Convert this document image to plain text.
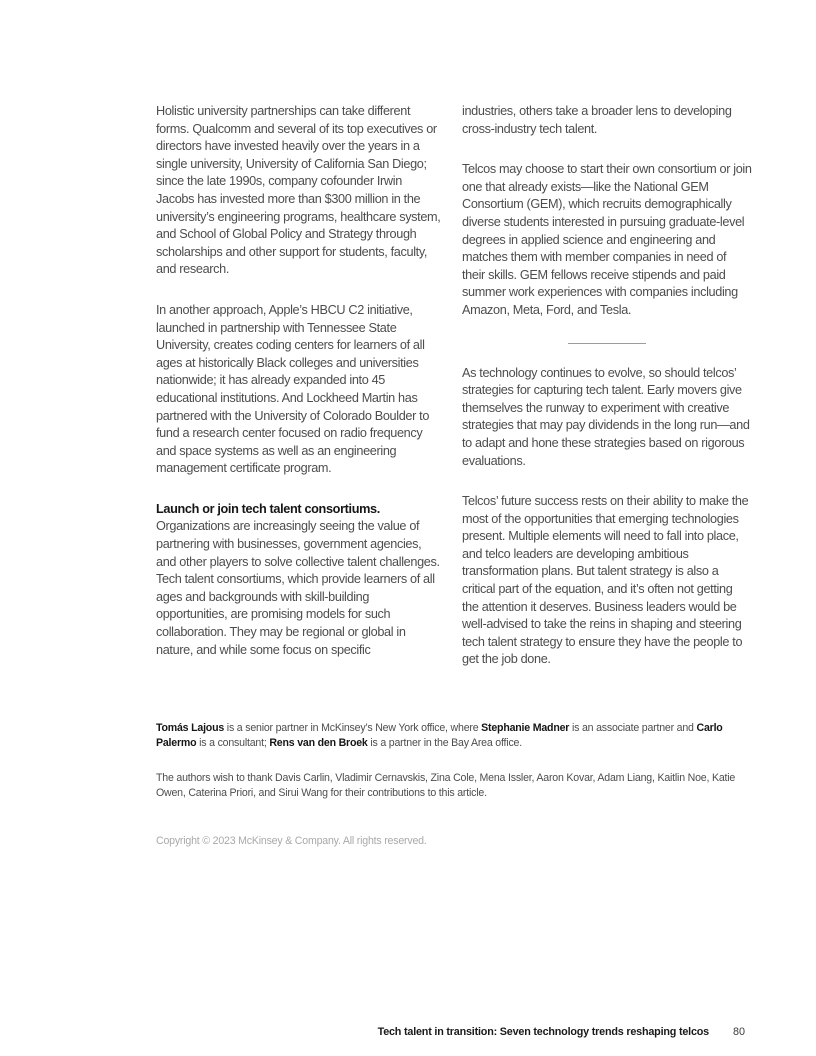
Holistic university partnerships can take different forms. Qualcomm and several of its top executives or directors have invested heavily over the years in a single university, University of California San Diego; since the late 1990s, company cofounder Irwin Jacobs has invested more than $300 million in the university’s engineering programs, healthcare system, and School of Global Policy and Strategy through scholarships and other support for students, faculty, and research.

In another approach, Apple’s HBCU C2 initiative, launched in partnership with Tennessee State University, creates coding centers for learners of all ages at historically Black colleges and universities nationwide; it has already expanded into 45 educational institutions. And Lockheed Martin has partnered with the University of Colorado Boulder to fund a research center focused on radio frequency and space systems as well as an engineering management certificate program.

Launch or join tech talent consortiums.

Organizations are increasingly seeing the value of partnering with businesses, government agencies, and other players to solve collective talent challenges. Tech talent consortiums, which provide learners of all ages and backgrounds with skill-building opportunities, are promising models for such collaboration. They may be regional or global in nature, and while some focus on specific

industries, others take a broader lens to developing cross-industry tech talent.

Telcos may choose to start their own consortium or join one that already exists—like the National GEM Consortium (GEM), which recruits demographically diverse students interested in pursuing graduate-level degrees in applied science and engineering and matches them with member companies in need of their skills. GEM fellows receive stipends and paid summer work experiences with companies including Amazon, Meta, Ford, and Tesla.

As technology continues to evolve, so should telcos’ strategies for capturing tech talent. Early movers give themselves the runway to experiment with creative strategies that may pay dividends in the long run—and to adapt and hone these strategies based on rigorous evaluations.

Telcos’ future success rests on their ability to make the most of the opportunities that emerging technologies present. Multiple elements will need to fall into place, and telco leaders are developing ambitious transformation plans. But talent strategy is also a critical part of the equation, and it’s often not getting the attention it deserves. Business leaders would be well-advised to take the reins in shaping and steering tech talent strategy to ensure they have the people to get the job done.

Tomás Lajous is a senior partner in McKinsey’s New York office, where Stephanie Madner is an associate partner and Carlo Palermo is a consultant; Rens van den Broek is a partner in the Bay Area office.

The authors wish to thank Davis Carlin, Vladimir Cernavskis, Zina Cole, Mena Issler, Aaron Kovar, Adam Liang, Kaitlin Noe, Katie Owen, Caterina Priori, and Sirui Wang for their contributions to this article.

Copyright © 2023 McKinsey & Company. All rights reserved.

Tech talent in transition: Seven technology trends reshaping telcos 80
